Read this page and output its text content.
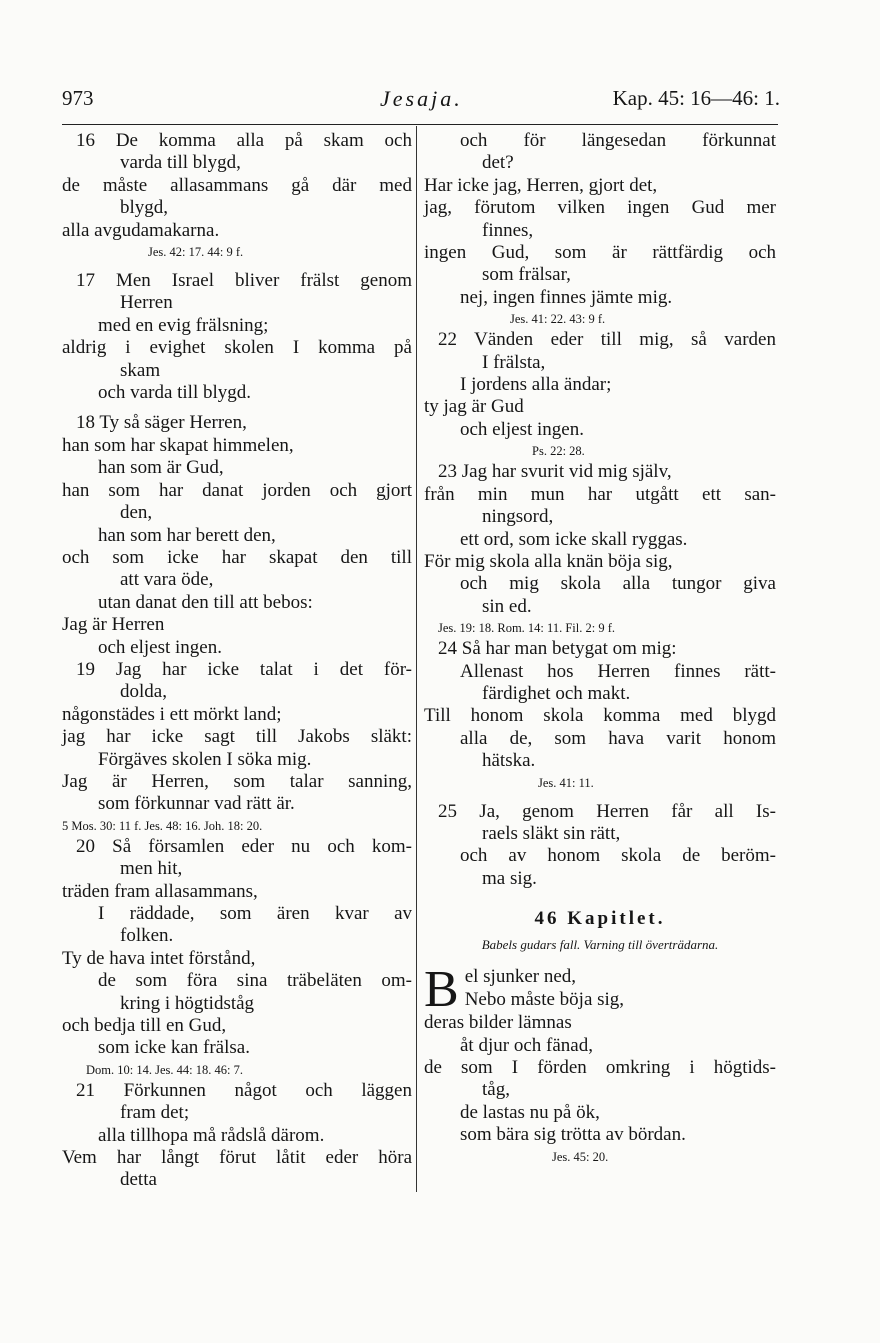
973	Jesaja.	Kap. 45: 16—46: 1.
16 De komma alla på skam och
varda till blygd,
de måste allasammans gå där med
blygd,
alla avgudamakarna.
Jes. 42: 17. 44: 9 f.
17 Men Israel bliver frälst genom
Herren
med en evig frälsning;
aldrig i evighet skolen I komma på
skam
och varda till blygd.
18 Ty så säger Herren,
han som har skapat himmelen,
han som är Gud,
han som har danat jorden och gjort
den,
han som har berett den,
och som icke har skapat den till
att vara öde,
utan danat den till att bebos:
Jag är Herren
och eljest ingen.
19 Jag har icke talat i det för-
dolda,
någonstädes i ett mörkt land;
jag har icke sagt till Jakobs släkt:
Förgäves skolen I söka mig.
Jag är Herren, som talar sanning,
som förkunnar vad rätt är.
5 Mos. 30: 11 f. Jes. 48: 16. Joh. 18: 20.
20 Så församlen eder nu och kom-
men hit,
träden fram allasammans,
I räddade, som ären kvar av
folken.
Ty de hava intet förstånd,
de som föra sina träbeläten om-
kring i högtidståg
och bedja till en Gud,
som icke kan frälsa.
Dom. 10: 14. Jes. 44: 18. 46: 7.
21 Förkunnen något och läggen
fram det;
alla tillhopa må rådslå därom.
Vem har långt förut låtit eder höra
detta
och för längesedan förkunnat
det?
Har icke jag, Herren, gjort det,
jag, förutom vilken ingen Gud mer
finnes,
ingen Gud, som är rättfärdig och
som frälsar,
nej, ingen finnes jämte mig.
Jes. 41: 22. 43: 9 f.
22 Vänden eder till mig, så varden
I frälsta,
I jordens alla ändar;
ty jag är Gud
och eljest ingen.
Ps. 22: 28.
23 Jag har svurit vid mig själv,
från min mun har utgått ett san-
ningsord,
ett ord, som icke skall ryggas.
För mig skola alla knän böja sig,
och mig skola alla tungor giva
sin ed.
Jes. 19: 18. Rom. 14: 11. Fil. 2: 9 f.
24 Så har man betygat om mig:
Allenast hos Herren finnes rätt-
färdighet och makt.
Till honom skola komma med blygd
alla de, som hava varit honom
hätska.
Jes. 41: 11.
25 Ja, genom Herren får all Is-
raels släkt sin rätt,
och av honom skola de beröm-
ma sig.
46 Kapitlet.
Babels gudars fall. Varning till överträdarna.
B el sjunker ned,
Nebo måste böja sig,
deras bilder lämnas
åt djur och fänad,
de som I förden omkring i högtids-
tåg,
de lastas nu på ök,
som bära sig trötta av bördan.
Jes. 45: 20.
